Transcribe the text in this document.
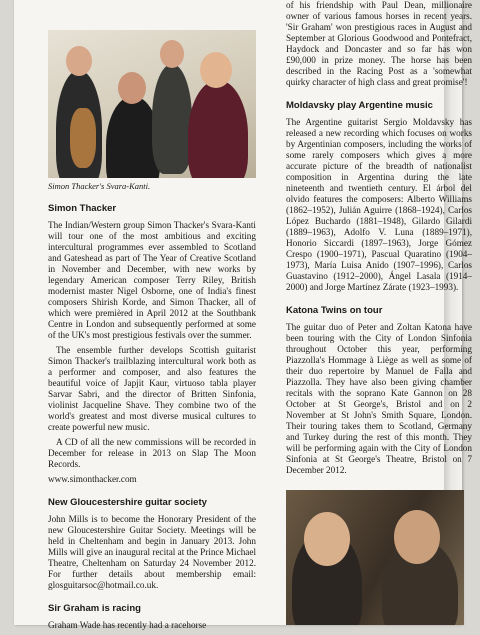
Simon Thacker's Svara-Kanti.
Simon Thacker

The Indian/Western group Simon Thacker's Svara-Kanti will tour one of the most ambitious and exciting intercultural programmes ever assembled to Scotland and Gateshead as part of The Year of Creative Scotland in November and December, with new works by legendary American composer Terry Riley, British modernist master Nigel Osborne, one of India's finest composers Shirish Korde, and Simon Thacker, all of which were premièred in April 2012 at the Southbank Centre in London and subsequently performed at some of the UK's most prestigious festivals over the summer.

The ensemble further develops Scottish guitarist Simon Thacker's trailblazing intercultural work both as a performer and composer, and also features the beautiful voice of Japjit Kaur, virtuoso tabla player Sarvar Sabri, and the director of Britten Sinfonia, violinist Jacqueline Shave. They combine two of the world's greatest and most diverse musical cultures to create powerful new music.

A CD of all the new commissions will be recorded in December for release in 2013 on Slap The Moon Records.

www.simonthacker.com

New Gloucestershire guitar society

John Mills is to become the Honorary President of the new Gloucestershire Guitar Society. Meetings will be held in Cheltenham and begin in January 2013. John Mills will give an inaugural recital at the Prince Michael Theatre, Cheltenham on Saturday 24 November 2012. For further details about membership email: glosguitarsoc@hotmail.co.uk.

Sir Graham is racing

Graham Wade has recently had a racehorse

of his friendship with Paul Dean, millionaire owner of various famous horses in recent years. 'Sir Graham' won prestigious races in August and September at Glorious Goodwood and Pontefract, Haydock and Doncaster and so far has won £90,000 in prize money. The horse has been described in the Racing Post as a 'somewhat quirky character of high class and great promise'!

Moldavsky play Argentine music

The Argentine guitarist Sergio Moldavsky has released a new recording which focuses on works by Argentinian composers, including the works of some rarely composers which gives a more accurate picture of the breadth of nationalist composition in Argentina during the late nineteenth and twentieth century. El árbol del olvido features the composers: Alberto Williams (1862–1952), Julián Aguirre (1868–1924), Carlos López Buchardo (1881–1948), Gilardo Gilardi (1889–1963), Adolfo V. Luna (1889–1971), Honorio Siccardi (1897–1963), Jorge Gómez Crespo (1900–1971), Pascual Quaratino (1904–1973), María Luisa Anido (1907–1996), Carlos Guastavino (1912–2000), Ángel Lasala (1914–2000) and Jorge Martínez Zárate (1923–1993).

Katona Twins on tour

The guitar duo of Peter and Zoltan Katona have been touring with the City of London Sinfonia throughout October this year, performing Piazzolla's Hommage à Liège as well as some of their duo repertoire by Manuel de Falla and Piazzolla. They have also been giving chamber recitals with the soprano Kate Gannon on 28 October at St George's, Bristol and on 2 November at St John's Smith Square, London. Their touring takes them to Scotland, Germany and Turkey during the rest of this month. They will be performing again with the City of London Sinfonia at St George's Theatre, Bristol on 7 December 2012.
